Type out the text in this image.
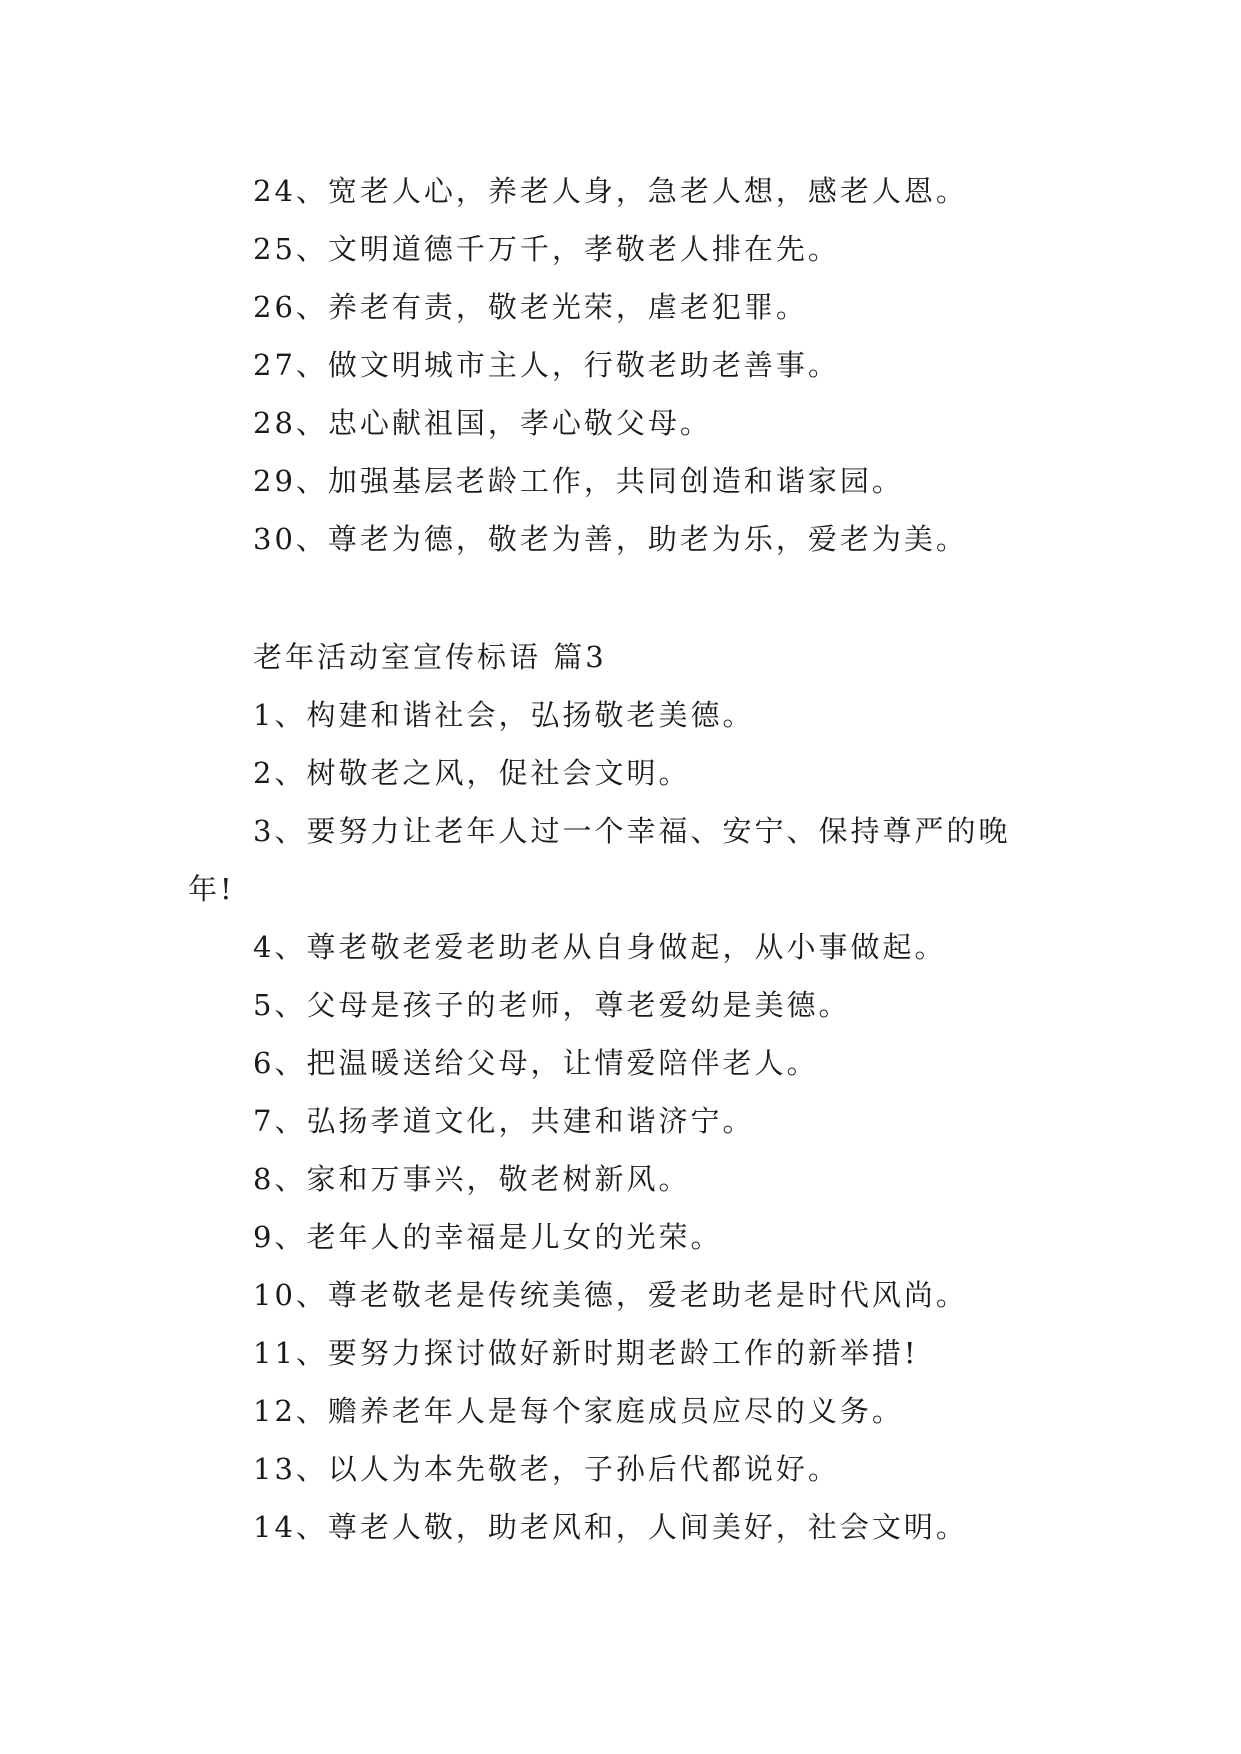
24、宽老人心，养老人身，急老人想，感老人恩。
25、文明道德千万千，孝敬老人排在先。
26、养老有责，敬老光荣，虐老犯罪。
27、做文明城市主人，行敬老助老善事。
28、忠心献祖国，孝心敬父母。
29、加强基层老龄工作，共同创造和谐家园。
30、尊老为德，敬老为善，助老为乐，爱老为美。
老年活动室宣传标语 篇3
1、构建和谐社会，弘扬敬老美德。
2、树敬老之风，促社会文明。
3、要努力让老年人过一个幸福、安宁、保持尊严的晚
年!
4、尊老敬老爱老助老从自身做起，从小事做起。
5、父母是孩子的老师，尊老爱幼是美德。
6、把温暖送给父母，让情爱陪伴老人。
7、弘扬孝道文化，共建和谐济宁。
8、家和万事兴，敬老树新风。
9、老年人的幸福是儿女的光荣。
10、尊老敬老是传统美德，爱老助老是时代风尚。
11、要努力探讨做好新时期老龄工作的新举措!
12、赡养老年人是每个家庭成员应尽的义务。
13、以人为本先敬老，子孙后代都说好。
14、尊老人敬，助老风和，人间美好，社会文明。
